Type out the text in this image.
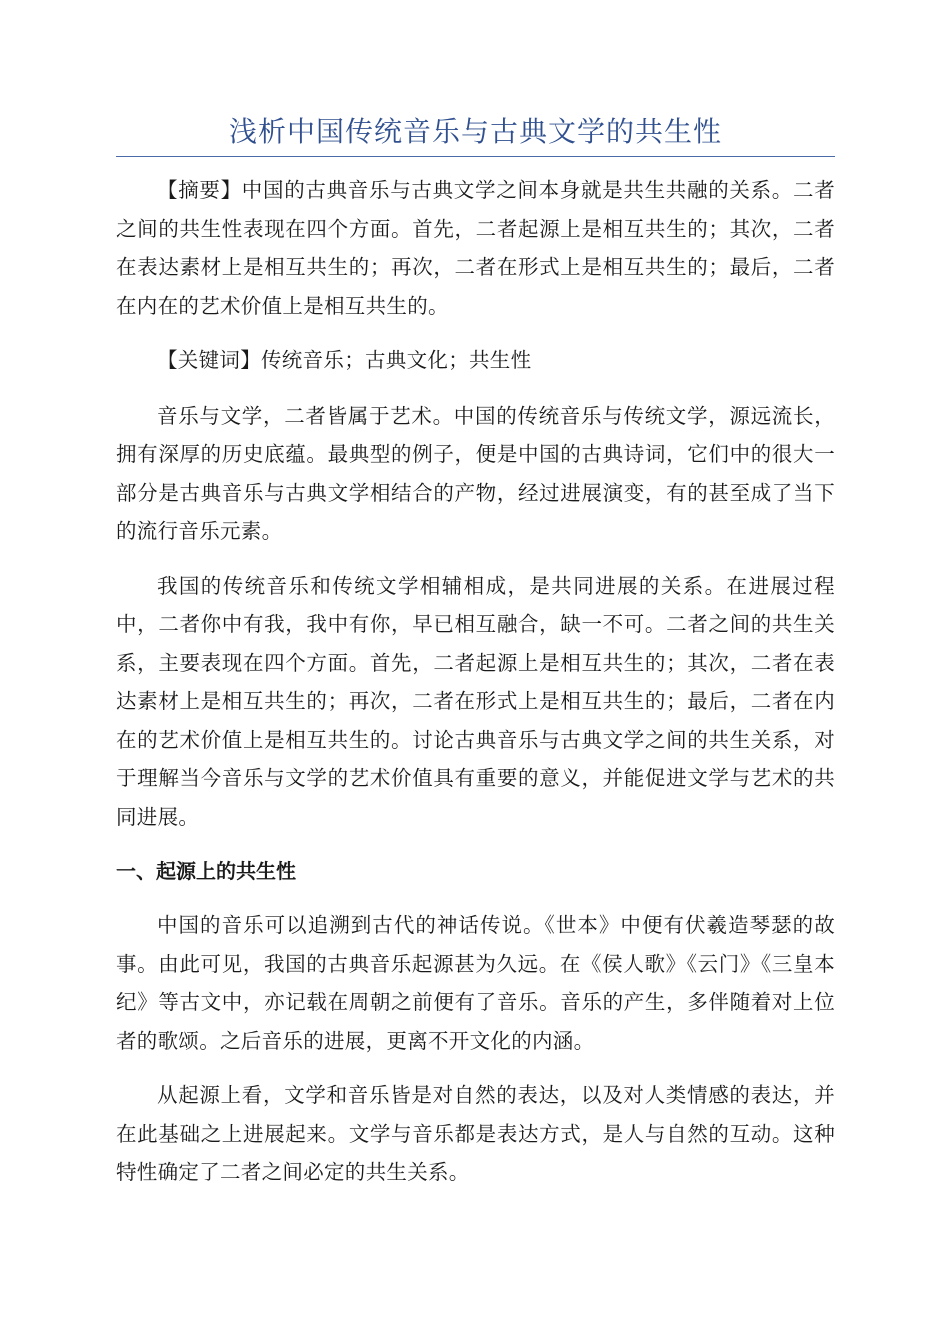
浅析中国传统音乐与古典文学的共生性

【摘要】中国的古典音乐与古典文学之间本身就是共生共融的关系。二者之间的共生性表现在四个方面。首先，二者起源上是相互共生的；其次，二者在表达素材上是相互共生的；再次，二者在形式上是相互共生的；最后，二者在内在的艺术价值上是相互共生的。

【关键词】传统音乐；古典文化；共生性

音乐与文学，二者皆属于艺术。中国的传统音乐与传统文学，源远流长，拥有深厚的历史底蕴。最典型的例子，便是中国的古典诗词，它们中的很大一部分是古典音乐与古典文学相结合的产物，经过进展演变，有的甚至成了当下的流行音乐元素。

我国的传统音乐和传统文学相辅相成，是共同进展的关系。在进展过程中，二者你中有我，我中有你，早已相互融合，缺一不可。二者之间的共生关系，主要表现在四个方面。首先，二者起源上是相互共生的；其次，二者在表达素材上是相互共生的；再次，二者在形式上是相互共生的；最后，二者在内在的艺术价值上是相互共生的。讨论古典音乐与古典文学之间的共生关系，对于理解当今音乐与文学的艺术价值具有重要的意义，并能促进文学与艺术的共同进展。

一、起源上的共生性

中国的音乐可以追溯到古代的神话传说。《世本》中便有伏羲造琴瑟的故事。由此可见，我国的古典音乐起源甚为久远。在《侯人歌》《云门》《三皇本纪》等古文中，亦记载在周朝之前便有了音乐。音乐的产生，多伴随着对上位者的歌颂。之后音乐的进展，更离不开文化的内涵。

从起源上看，文学和音乐皆是对自然的表达，以及对人类情感的表达，并在此基础之上进展起来。文学与音乐都是表达方式，是人与自然的互动。这种特性确定了二者之间必定的共生关系。
